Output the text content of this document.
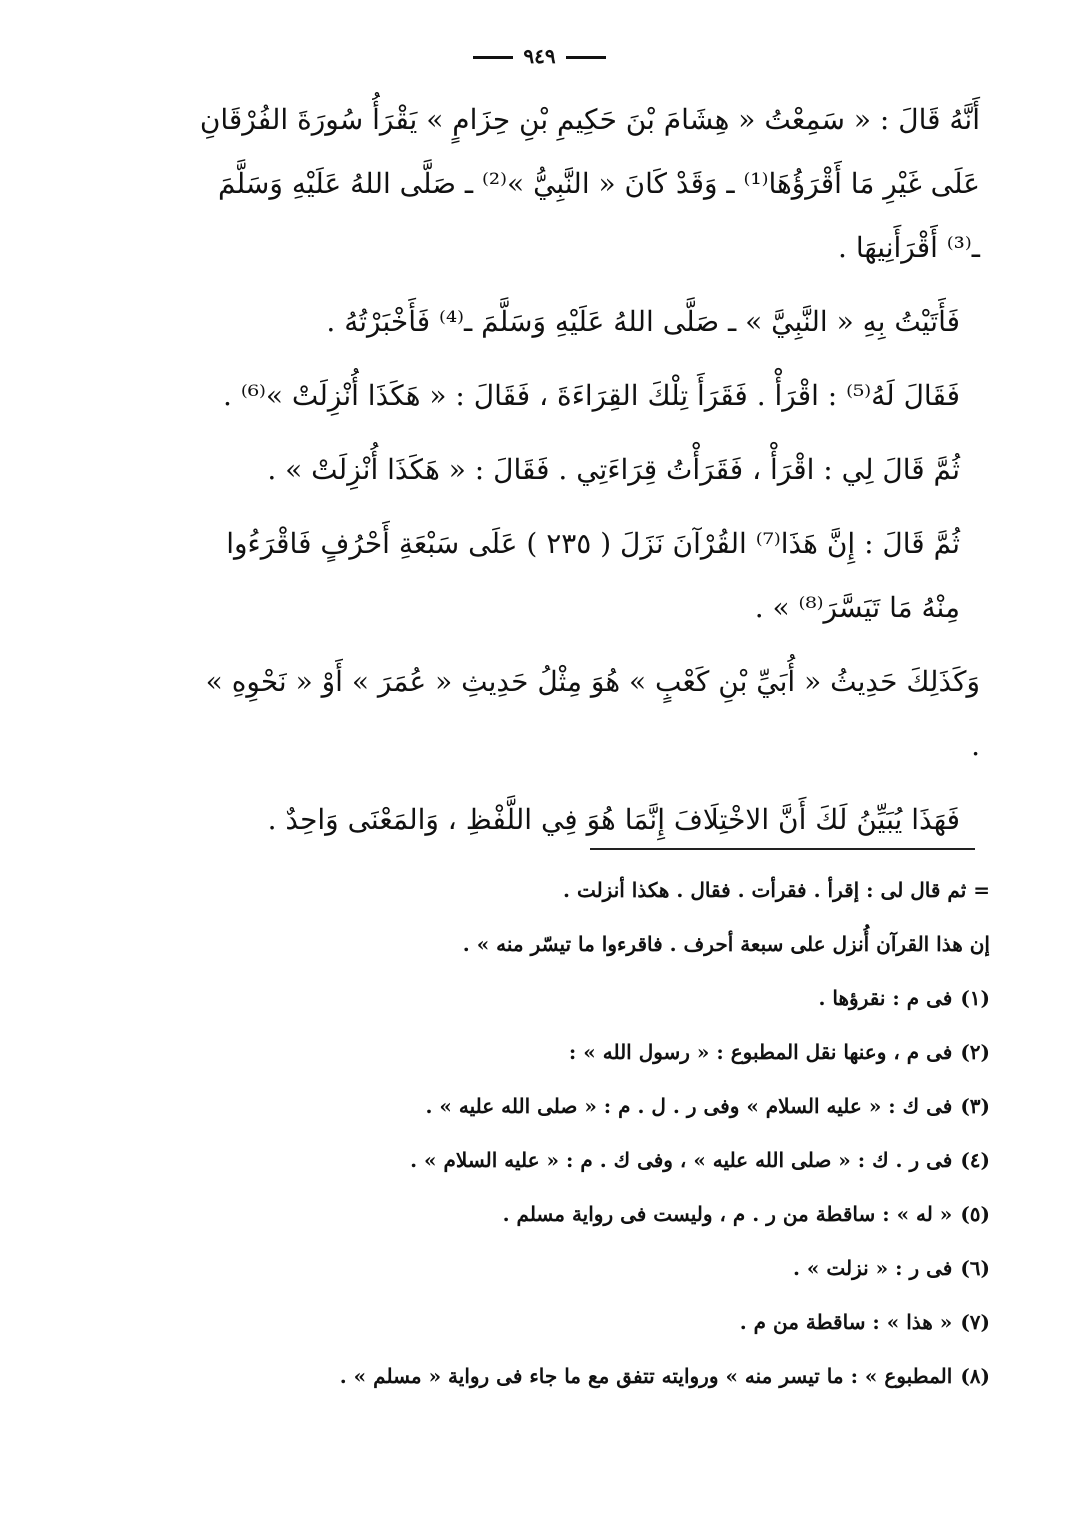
٩٤٩

أَنَّهُ قَالَ : « سَمِعْتُ « هِشَامَ بْنَ حَكِيمِ بْنِ حِزَامٍ » يَقْرَأُ سُورَةَ الفُرْقَانِ عَلَى غَيْرِ مَا أَقْرَؤُهَا⁽¹⁾ ـ وَقَدْ كَانَ « النَّبِيُّ »⁽²⁾ ـ صَلَّى اللهُ عَلَيْهِ وَسَلَّمَ ـ⁽³⁾ أَقْرَأَنِيهَا .

فَأَتَيْتُ بِهِ « النَّبِيَّ » ـ صَلَّى اللهُ عَلَيْهِ وَسَلَّمَ ـ⁽⁴⁾ فَأَخْبَرْتُهُ .

فَقَالَ لَهُ⁽⁵⁾ : اقْرَأْ . فَقَرَأَ تِلْكَ القِرَاءَةَ ، فَقَالَ : « هَكَذَا أُنْزِلَتْ »⁽⁶⁾ .

ثُمَّ قَالَ لِي : اقْرَأْ ، فَقَرَأْتُ قِرَاءَتِي . فَقَالَ : « هَكَذَا أُنْزِلَتْ » .

ثُمَّ قَالَ : إِنَّ هَذَا⁽⁷⁾ القُرْآنَ نَزَلَ ( ٢٣٥ ) عَلَى سَبْعَةِ أَحْرُفٍ فَاقْرَءُوا مِنْهُ مَا تَيَسَّرَ⁽⁸⁾ » .

وَكَذَلِكَ حَدِيثُ « أُبَيِّ بْنِ كَعْبٍ » هُوَ مِثْلُ حَدِيثِ « عُمَرَ » أَوْ « نَحْوِهِ » .

فَهَذَا يُبَيِّنُ لَكَ أَنَّ الاخْتِلَافَ إِنَّمَا هُوَ فِي اللَّفْظِ ، وَالمَعْنَى وَاحِدٌ .

= ثم قال لى : إقرأ . فقرأت . فقال . هكذا أنزلت .

إن هذا القرآن أُنزل على سبعة أحرف . فاقرءوا ما تيسّر منه » .

(١)فى م : نقرؤها .

(٢)فى م ، وعنها نقل المطبوع : « رسول الله » :

(٣)فى ك : « عليه السلام » وفى ر . ل . م : « صلى الله عليه » .

(٤)فى ر . ك : « صلى الله عليه » ، وفى ك . م : « عليه السلام » .

(٥)« له » : ساقطة من ر . م ، وليست فى رواية مسلم .

(٦)فى ر : « نزلت » .

(٧)« هذا » : ساقطة من م .

(٨)المطبوع » : ما تيسر منه » وروايته تتفق مع ما جاء فى رواية « مسلم » .
